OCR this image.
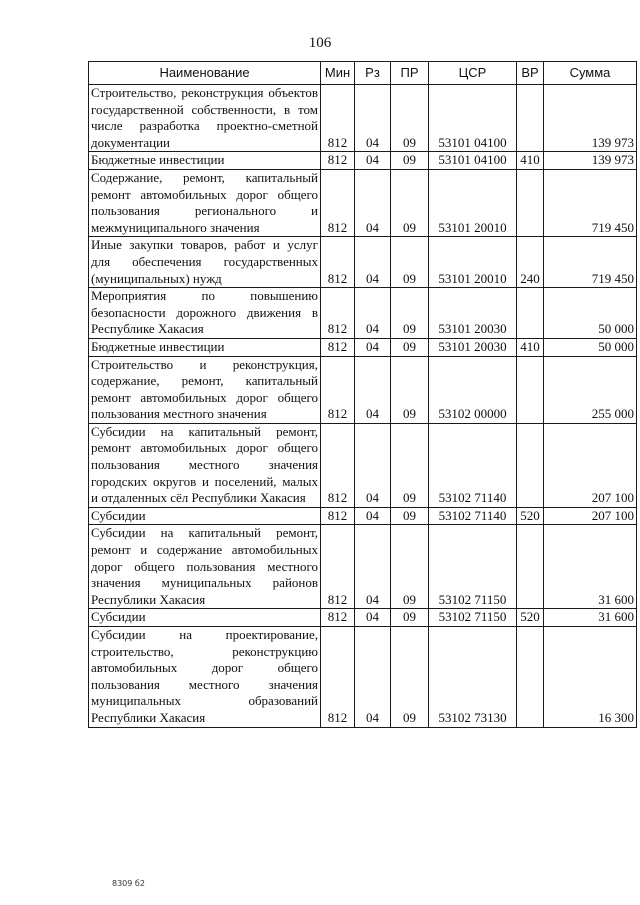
106
Наименование	Мин	Рз	ПР	ЦСР	ВР	Сумма
Строительство, реконструкция объектов государственной собственности, в том числе разработка проектно-сметной документации	812	04	09	53101 04100		139 973
Бюджетные инвестиции	812	04	09	53101 04100	410	139 973
Содержание, ремонт, капитальный ремонт автомобильных дорог общего пользования регионального и межмуниципального значения	812	04	09	53101 20010		719 450
Иные закупки товаров, работ и услуг для обеспечения государственных (муниципальных) нужд	812	04	09	53101 20010	240	719 450
Мероприятия по повышению безопасности дорожного движения в Республике Хакасия	812	04	09	53101 20030		50 000
Бюджетные инвестиции	812	04	09	53101 20030	410	50 000
Строительство и реконструкция, содержание, ремонт, капитальный ремонт автомобильных дорог общего пользования местного значения	812	04	09	53102 00000		255 000
Субсидии на капитальный ремонт, ремонт автомобильных дорог общего пользования местного значения городских округов и поселений, малых и отдаленных сёл Республики Хакасия	812	04	09	53102 71140		207 100
Субсидии	812	04	09	53102 71140	520	207 100
Субсидии на капитальный ремонт, ремонт и содержание автомобильных дорог общего пользования местного значения муниципальных районов Республики Хакасия	812	04	09	53102 71150		31 600
Субсидии	812	04	09	53102 71150	520	31 600
Субсидии на проектирование, строительство, реконструкцию автомобильных дорог общего пользования местного значения муниципальных образований Республики Хакасия	812	04	09	53102 73130		16 300
8309 б2
